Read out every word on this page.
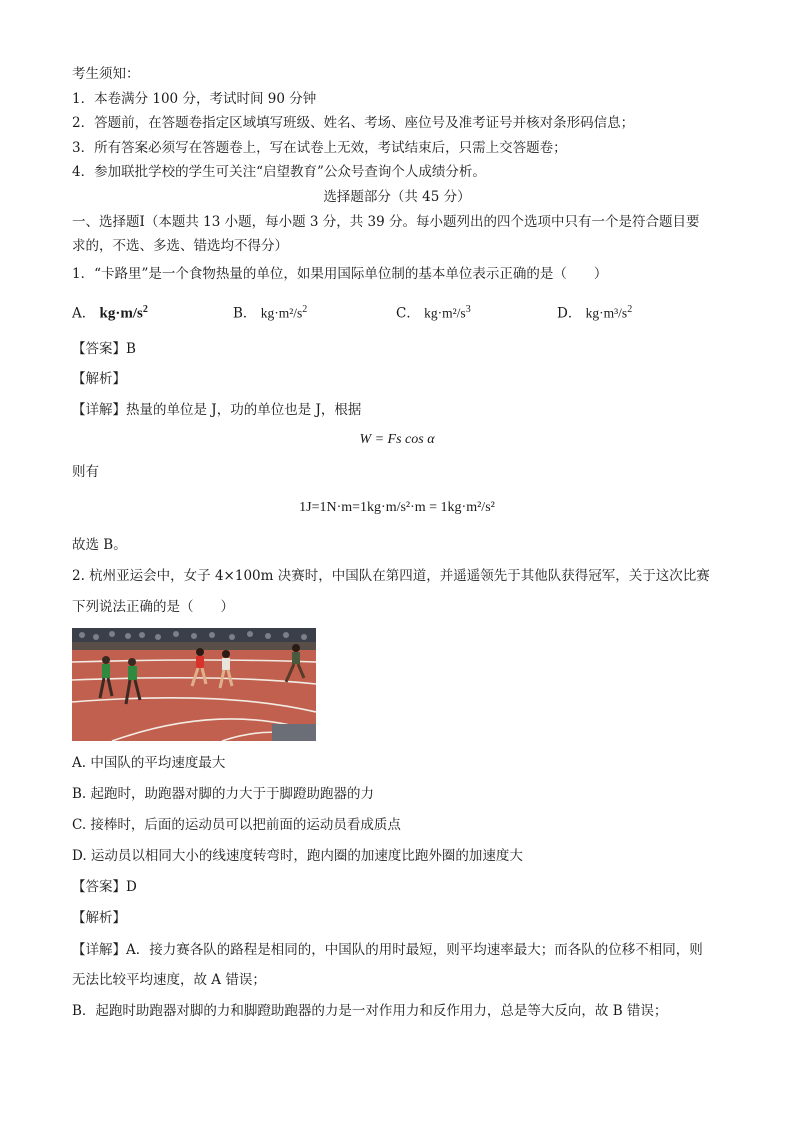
考生须知：
1．本卷满分 100 分，考试时间 90 分钟
2．答题前，在答题卷指定区域填写班级、姓名、考场、座位号及准考证号并核对条形码信息；
3．所有答案必须写在答题卷上，写在试卷上无效，考试结束后，只需上交答题卷；
4．参加联批学校的学生可关注“启望教育”公众号查询个人成绩分析。
选择题部分（共 45 分）
一、选择题Ⅰ（本题共 13 小题，每小题 3 分，共 39 分。每小题列出的四个选项中只有一个是符合题目要
求的，不选、多选、错选均不得分）
1．“卡路里”是一个食物热量的单位，如果用国际单位制的基本单位表示正确的是（　　）
A． $kg\cdot m/s^2$	B． $kg\cdot m^2/s^2$	C． $kg\cdot m^2/s^3$	D． $kg\cdot m^3/s^2$
【答案】B
【解析】
【详解】热量的单位是 J，功的单位也是 J，根据
W = Fs cos α
则有
1J=1N·m=1kg·m/s²·m = 1kg·m²/s²
故选 B。
2. 杭州亚运会中，女子 4×100m 决赛时，中国队在第四道，并遥遥领先于其他队获得冠军，关于这次比赛
下列说法正确的是（　　）
A. 中国队的平均速度最大
B. 起跑时，助跑器对脚的力大于于脚蹬助跑器的力
C. 接棒时，后面的运动员可以把前面的运动员看成质点
D. 运动员以相同大小的线速度转弯时，跑内圈的加速度比跑外圈的加速度大
【答案】D
【解析】
【详解】A．接力赛各队的路程是相同的，中国队的用时最短，则平均速率最大；而各队的位移不相同，则
无法比较平均速度，故 A 错误；
B．起跑时助跑器对脚的力和脚蹬助跑器的力是一对作用力和反作用力，总是等大反向，故 B 错误；
